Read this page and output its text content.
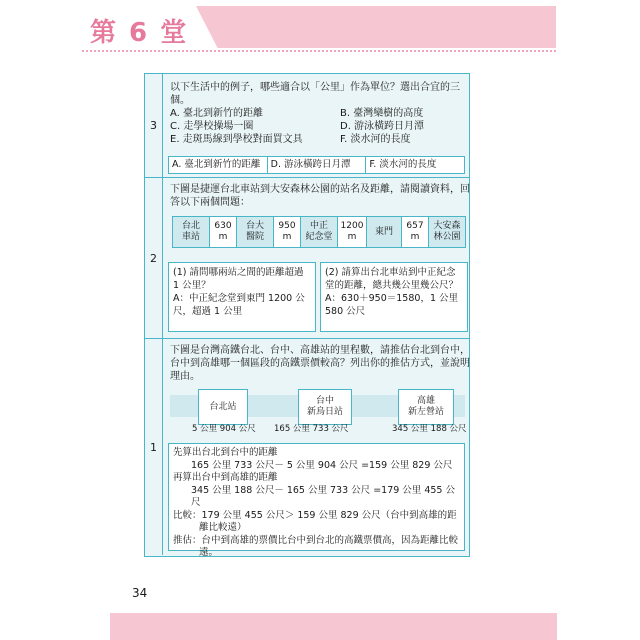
第 6 堂
3
以下生活中的例子，哪些適合以「公里」作為單位？選出合宜的三個。
A. 臺北到新竹的距離	B. 臺灣欒樹的高度
C. 走學校操場一圈	D. 游泳橫跨日月潭
E. 走斑馬線到學校對面買文具	F. 淡水河的長度
A. 臺北到新竹的距離	D. 游泳橫跨日月潭	F. 淡水河的長度
2
下圖是捷運台北車站到大安森林公園的站名及距離，請閱讀資料，回答以下兩個問題：
台北
車站
630
m
台大
醫院
950
m
中正
紀念堂
1200
m
東門
657
m
大安森
林公園
(1) 請問哪兩站之間的距離超過 1 公里？
A：中正紀念堂到東門 1200 公尺，超過 1 公里
(2) 請算出台北車站到中正紀念堂的距離，總共幾公里幾公尺？
A：630＋950＝1580，1 公里 580 公尺
1
下圖是台灣高鐵台北、台中、高雄站的里程數，請推估台北到台中，台中到高雄哪一個區段的高鐵票價較高？列出你的推估方式，並說明理由。
台北站
台中
新烏日站
高雄
新左營站
5 公里 904 公尺 165 公里 733 公尺	345 公里 188 公尺
先算出台北到台中的距離
165 公里 733 公尺－ 5 公里 904 公尺 =159 公里 829 公尺
再算出台中到高雄的距離
345 公里 188 公尺－ 165 公里 733 公尺 =179 公里 455 公尺
比較：179 公里 455 公尺＞ 159 公里 829 公尺（台中到高雄的距離比較遠）
推估：台中到高雄的票價比台中到台北的高鐵票價高，因為距離比較遠。
34
